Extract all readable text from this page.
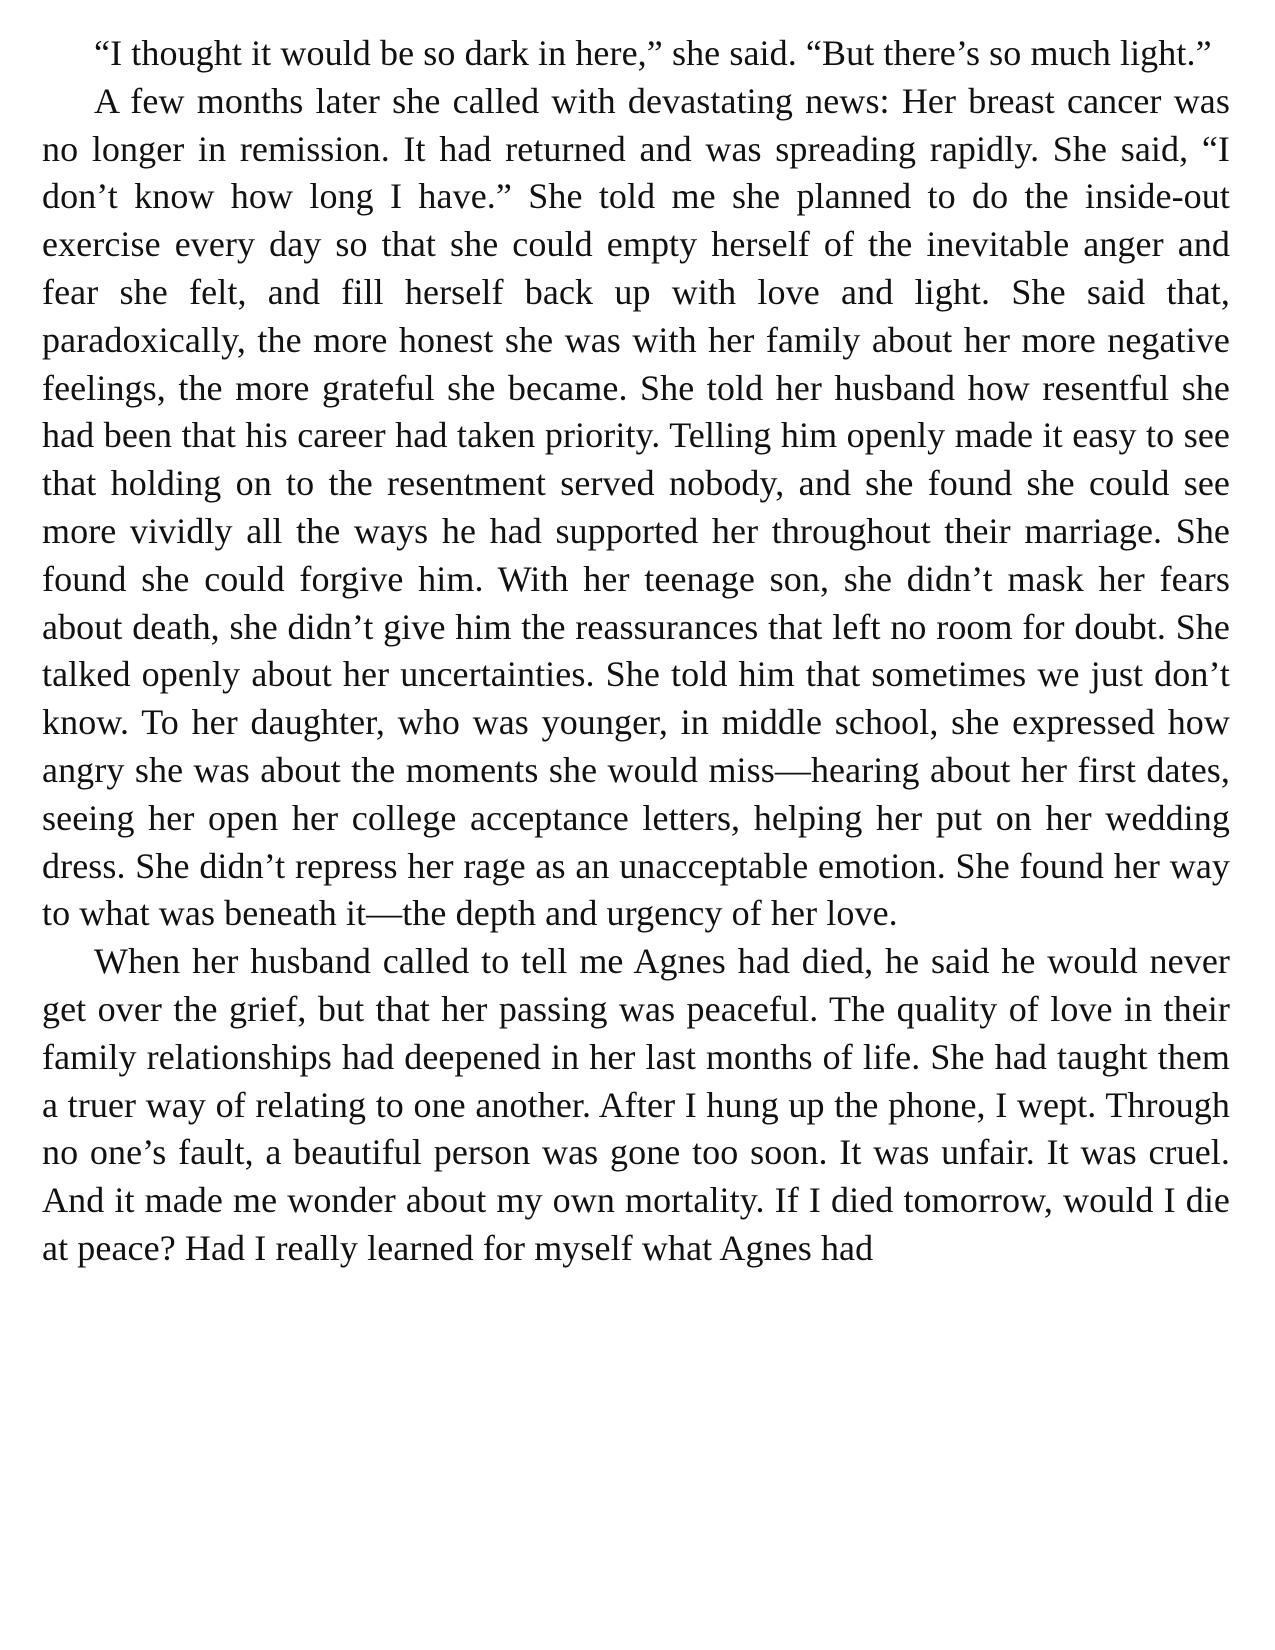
“I thought it would be so dark in here,” she said. “But there’s so much light.”

A few months later she called with devastating news: Her breast cancer was no longer in remission. It had returned and was spreading rapidly. She said, “I don’t know how long I have.” She told me she planned to do the inside-out exercise every day so that she could empty herself of the inevitable anger and fear she felt, and fill herself back up with love and light. She said that, paradoxically, the more honest she was with her family about her more negative feelings, the more grateful she became. She told her husband how resentful she had been that his career had taken priority. Telling him openly made it easy to see that holding on to the resentment served nobody, and she found she could see more vividly all the ways he had supported her throughout their marriage. She found she could forgive him. With her teenage son, she didn’t mask her fears about death, she didn’t give him the reassurances that left no room for doubt. She talked openly about her uncertainties. She told him that sometimes we just don’t know. To her daughter, who was younger, in middle school, she expressed how angry she was about the moments she would miss—hearing about her first dates, seeing her open her college acceptance letters, helping her put on her wedding dress. She didn’t repress her rage as an unacceptable emotion. She found her way to what was beneath it—the depth and urgency of her love.

When her husband called to tell me Agnes had died, he said he would never get over the grief, but that her passing was peaceful. The quality of love in their family relationships had deepened in her last months of life. She had taught them a truer way of relating to one another. After I hung up the phone, I wept. Through no one’s fault, a beautiful person was gone too soon. It was unfair. It was cruel. And it made me wonder about my own mortality. If I died tomorrow, would I die at peace? Had I really learned for myself what Agnes had
